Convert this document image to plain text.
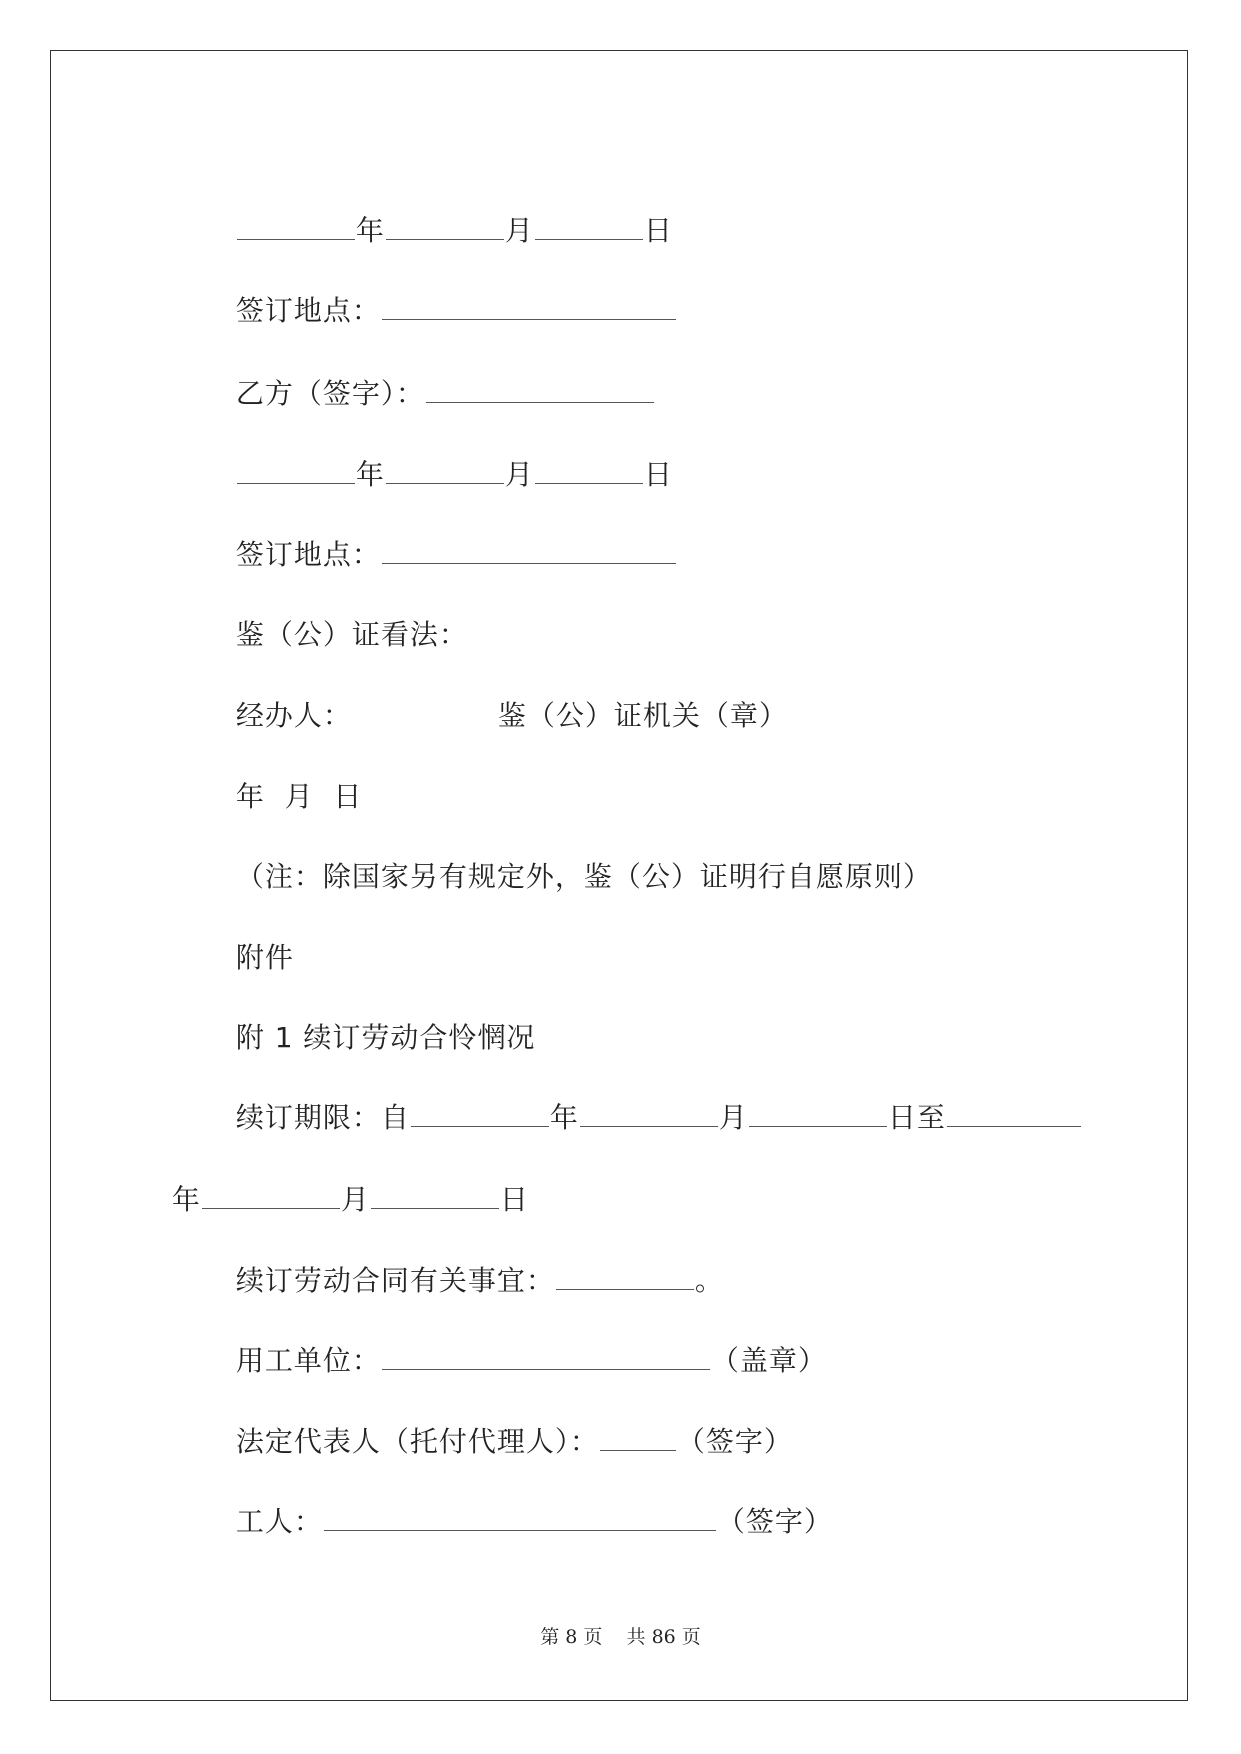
年	月	日

签订地点：

乙方（签字）：

年	月	日

签订地点：

鉴（公）证看法：

经办人：	鉴（公）证机关（章）

年  月  日

（注：除国家另有规定外，鉴（公）证明行自愿原则）

附件

附 1 续订劳动合怜惘况

续订期限：自	年	月	日至

年	月	日

续订劳动合同有关事宜：	。

用工单位：	（盖章）

法定代表人（托付代理人）：	（签字）

工人：	（签字）

第 8 页 共 86 页
